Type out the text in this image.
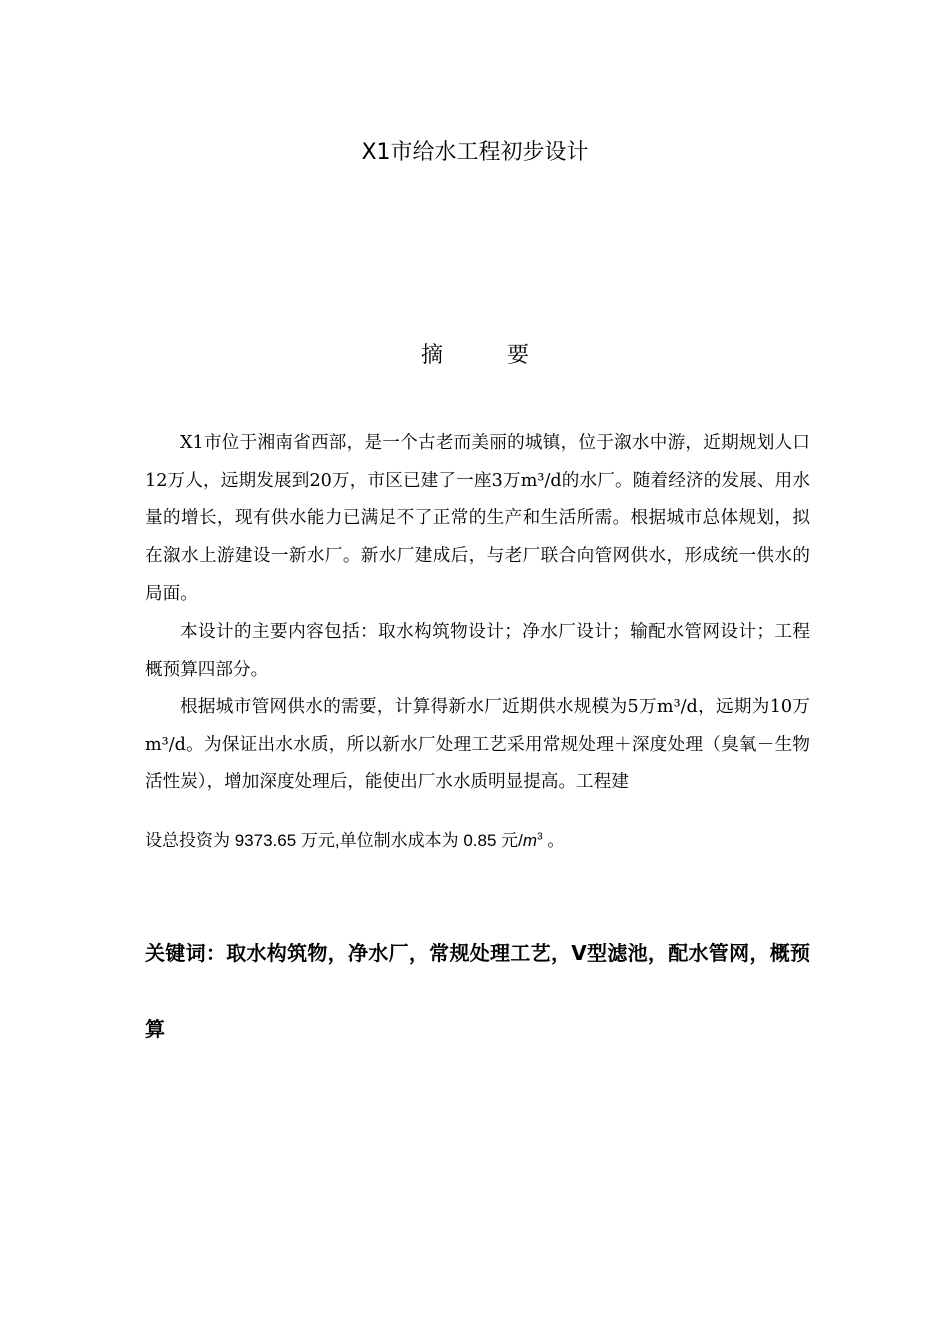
X1市给水工程初步设计
摘	要

X1市位于湘南省西部，是一个古老而美丽的城镇，位于溆水中游，近期规划人口12万人，远期发展到20万，市区已建了一座3万m³/d的水厂。随着经济的发展、用水量的增长，现有供水能力已满足不了正常的生产和生活所需。根据城市总体规划，拟在溆水上游建设一新水厂。新水厂建成后，与老厂联合向管网供水，形成统一供水的局面。

本设计的主要内容包括：取水构筑物设计；净水厂设计；输配水管网设计；工程概预算四部分。

根据城市管网供水的需要，计算得新水厂近期供水规模为5万m³/d，远期为10万m³/d。为保证出水水质，所以新水厂处理工艺采用常规处理＋深度处理（臭氧－生物活性炭），增加深度处理后，能使出厂水水质明显提高。工程建

设总投资为 9373.65 万元,单位制水成本为 0.85 元$/m^3$ 。

关键词：取水构筑物，净水厂，常规处理工艺，V型滤池，配水管网，概预算
